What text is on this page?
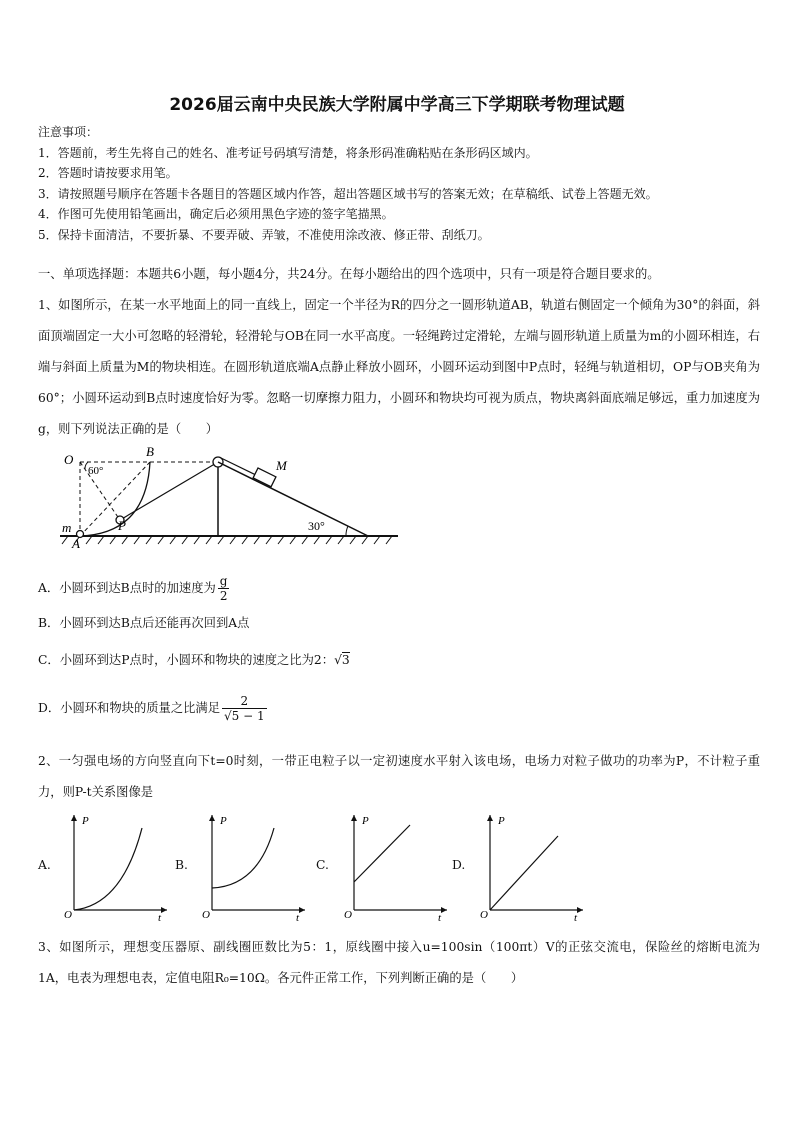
2026届云南中央民族大学附属中学高三下学期联考物理试题
注意事项：
1．答题前，考生先将自己的姓名、准考证号码填写清楚，将条形码准确粘贴在条形码区域内。
2．答题时请按要求用笔。
3．请按照题号顺序在答题卡各题目的答题区域内作答，超出答题区域书写的答案无效；在草稿纸、试卷上答题无效。
4．作图可先使用铅笔画出，确定后必须用黑色字迹的签字笔描黑。
5．保持卡面清洁，不要折暴、不要弄破、弄皱，不准使用涂改液、修正带、刮纸刀。
一、单项选择题：本题共6小题，每小题4分，共24分。在每小题给出的四个选项中，只有一项是符合题目要求的。
1、如图所示，在某一水平地面上的同一直线上，固定一个半径为R的四分之一圆形轨道AB，轨道右侧固定一个倾角为30°的斜面，斜面顶端固定一大小可忽略的轻滑轮，轻滑轮与OB在同一水平高度。一轻绳跨过定滑轮，左端与圆形轨道上质量为m的小圆环相连，右端与斜面上质量为M的物块相连。在圆形轨道底端A点静止释放小圆环，小圆环运动到图中P点时，轻绳与轨道相切，OP与OB夹角为60°；小圆环运动到B点时速度恰好为零。忽略一切摩擦力阻力，小圆环和物块均可视为质点，物块离斜面底端足够远，重力加速度为g，则下列说法正确的是（　　）
O
60°
B
M
m	P
A
30°
A．小圆环到达B点时的加速度为 $\frac{g}{2}$
B．小圆环到达B点后还能再次回到A点
C．小圆环到达P点时，小圆环和物块的速度之比为2：√3
D．小圆环和物块的质量之比满足 $\frac{2}{√5 - 1}$
2、一匀强电场的方向竖直向下t=0时刻，一带正电粒子以一定初速度水平射入该电场，电场力对粒子做功的功率为P，不计粒子重力，则P-t关系图像是
A.	B.	C.	D.
P
t
O
P
t
O
P
t
O
P
t
O
3、如图所示，理想变压器原、副线圈匝数比为5：1，原线圈中接入u=100sin（100πt）V的正弦交流电，保险丝的熔断电流为1A，电表为理想电表，定值电阻R₀=10Ω。各元件正常工作，下列判断正确的是（　　）
